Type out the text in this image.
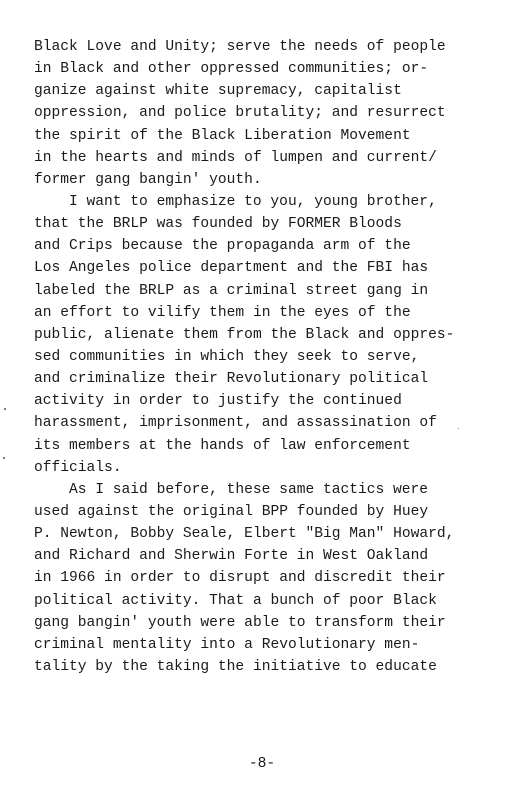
Black Love and Unity; serve the needs of people
in Black and other oppressed communities; or-
ganize against white supremacy, capitalist
oppression, and police brutality; and resurrect
the spirit of the Black Liberation Movement
in the hearts and minds of lumpen and current/
former gang bangin' youth.
I want to emphasize to you, young brother,
that the BRLP was founded by FORMER Bloods
and Crips because the propaganda arm of the
Los Angeles police department and the FBI has
labeled the BRLP as a criminal street gang in
an effort to vilify them in the eyes of the
public, alienate them from the Black and oppres-
sed communities in which they seek to serve,
and criminalize their Revolutionary political
activity in order to justify the continued
harassment, imprisonment, and assassination of
its members at the hands of law enforcement
officials.
As I said before, these same tactics were
used against the original BPP founded by Huey
P. Newton, Bobby Seale, Elbert "Big Man" Howard,
and Richard and Sherwin Forte in West Oakland
in 1966 in order to disrupt and discredit their
political activity. That a bunch of poor Black
gang bangin' youth were able to transform their
criminal mentality into a Revolutionary men-
tality by the taking the initiative to educate
-8-
